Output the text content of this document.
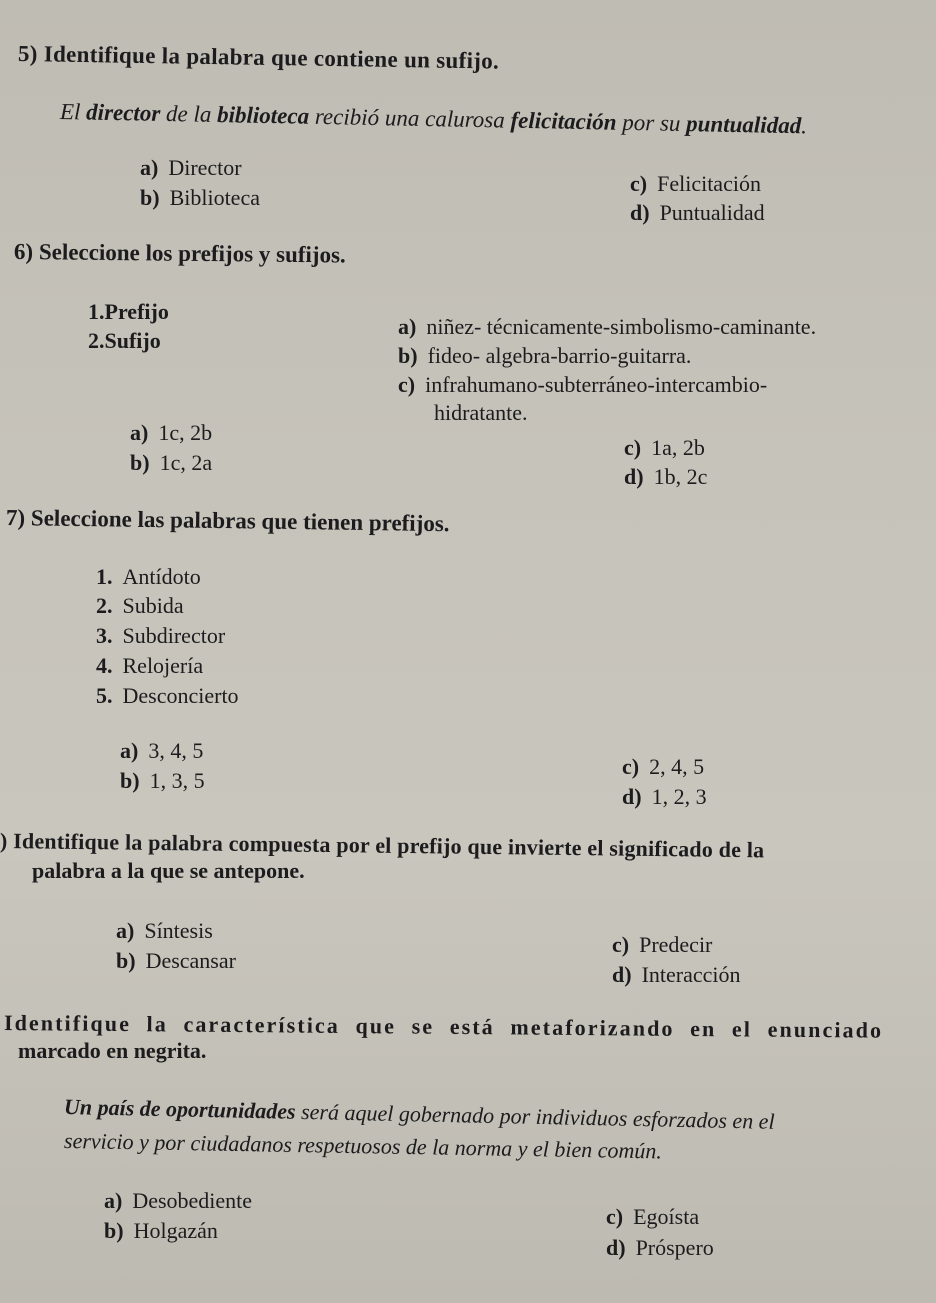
5) Identifique la palabra que contiene un sufijo.
El director de la biblioteca recibió una calurosa felicitación por su puntualidad.
a) Director
b) Biblioteca
c) Felicitación
d) Puntualidad
6) Seleccione los prefijos y sufijos.
1.Prefijo
2.Sufijo
a) niñez- técnicamente-simbolismo-caminante.
b) fideo- algebra-barrio-guitarra.
c) infrahumano-subterráneo-intercambio-
hidratante.
a) 1c, 2b
b) 1c, 2a
c) 1a, 2b
d) 1b, 2c
7) Seleccione las palabras que tienen prefijos.
1. Antídoto
2. Subida
3. Subdirector
4. Relojería
5. Desconcierto
a) 3, 4, 5
b) 1, 3, 5
c) 2, 4, 5
d) 1, 2, 3
) Identifique la palabra compuesta por el prefijo que invierte el significado de la
palabra a la que se antepone.
a) Síntesis
b) Descansar
c) Predecir
d) Interacción
Identifique la característica que se está metaforizando en el enunciado
marcado en negrita.
Un país de oportunidades será aquel gobernado por individuos esforzados en el
servicio y por ciudadanos respetuosos de la norma y el bien común.
a) Desobediente
b) Holgazán
c) Egoísta
d) Próspero
